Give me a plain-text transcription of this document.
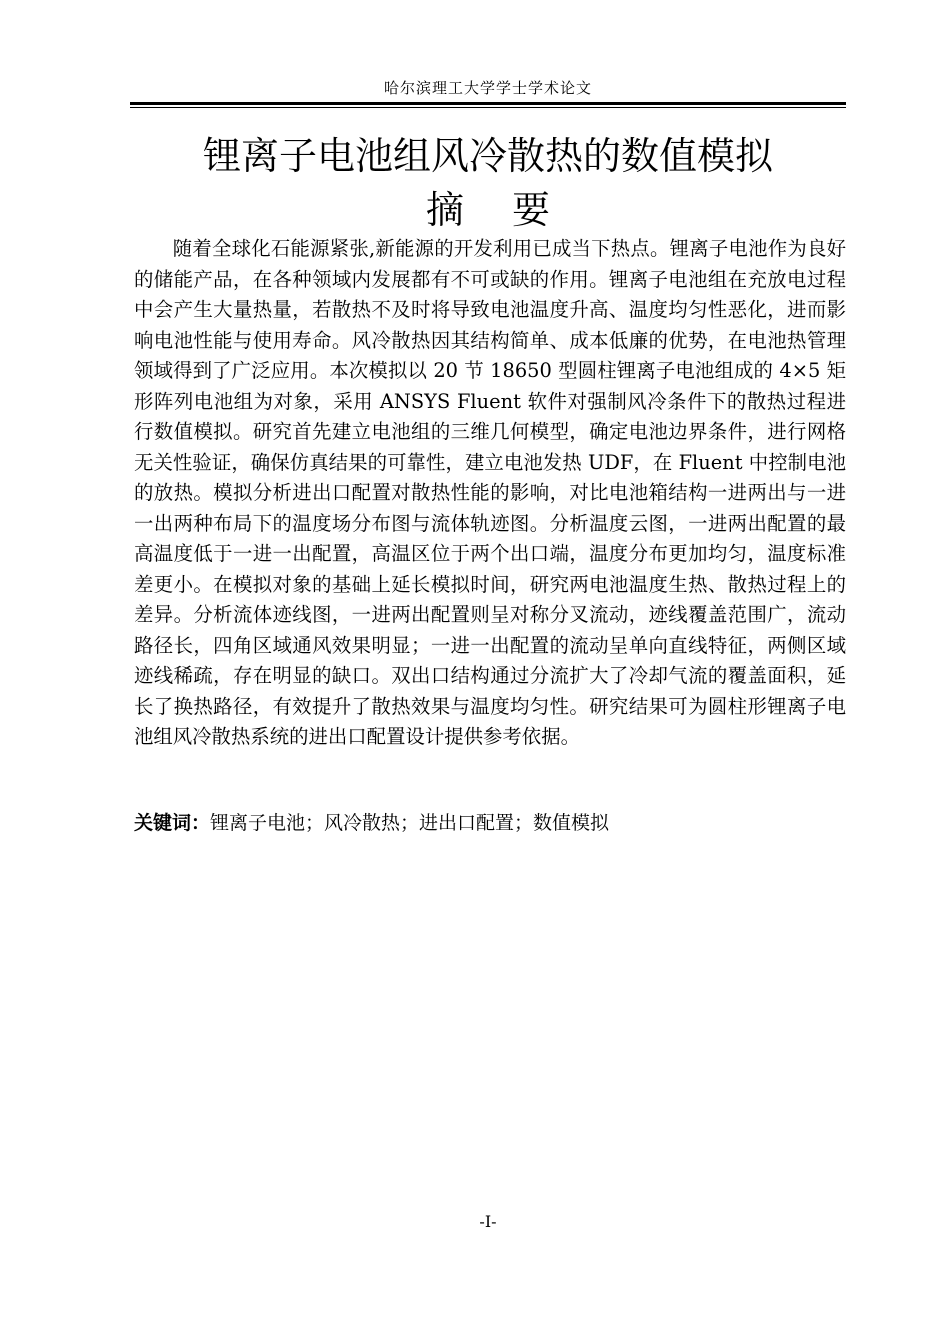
哈尔滨理工大学学士学术论文
锂离子电池组风冷散热的数值模拟
摘 要

随着全球化石能源紧张,新能源的开发利用已成当下热点。锂离子电池作为良好的储能产品，在各种领域内发展都有不可或缺的作用。锂离子电池组在充放电过程中会产生大量热量，若散热不及时将导致电池温度升高、温度均匀性恶化，进而影响电池性能与使用寿命。风冷散热因其结构简单、成本低廉的优势，在电池热管理领域得到了广泛应用。本次模拟以 20 节 18650 型圆柱锂离子电池组成的 4×5 矩形阵列电池组为对象，采用 ANSYS Fluent 软件对强制风冷条件下的散热过程进行数值模拟。研究首先建立电池组的三维几何模型，确定电池边界条件，进行网格无关性验证，确保仿真结果的可靠性，建立电池发热 UDF，在 Fluent 中控制电池的放热。模拟分析进出口配置对散热性能的影响，对比电池箱结构一进两出与一进一出两种布局下的温度场分布图与流体轨迹图。分析温度云图，一进两出配置的最高温度低于一进一出配置，高温区位于两个出口端，温度分布更加均匀，温度标准差更小。在模拟对象的基础上延长模拟时间，研究两电池温度生热、散热过程上的差异。分析流体迹线图，一进两出配置则呈对称分叉流动，迹线覆盖范围广，流动路径长，四角区域通风效果明显；一进一出配置的流动呈单向直线特征，两侧区域迹线稀疏，存在明显的缺口。双出口结构通过分流扩大了冷却气流的覆盖面积，延长了换热路径，有效提升了散热效果与温度均匀性。研究结果可为圆柱形锂离子电池组风冷散热系统的进出口配置设计提供参考依据。

关键词：锂离子电池；风冷散热；进出口配置；数值模拟

-I-
